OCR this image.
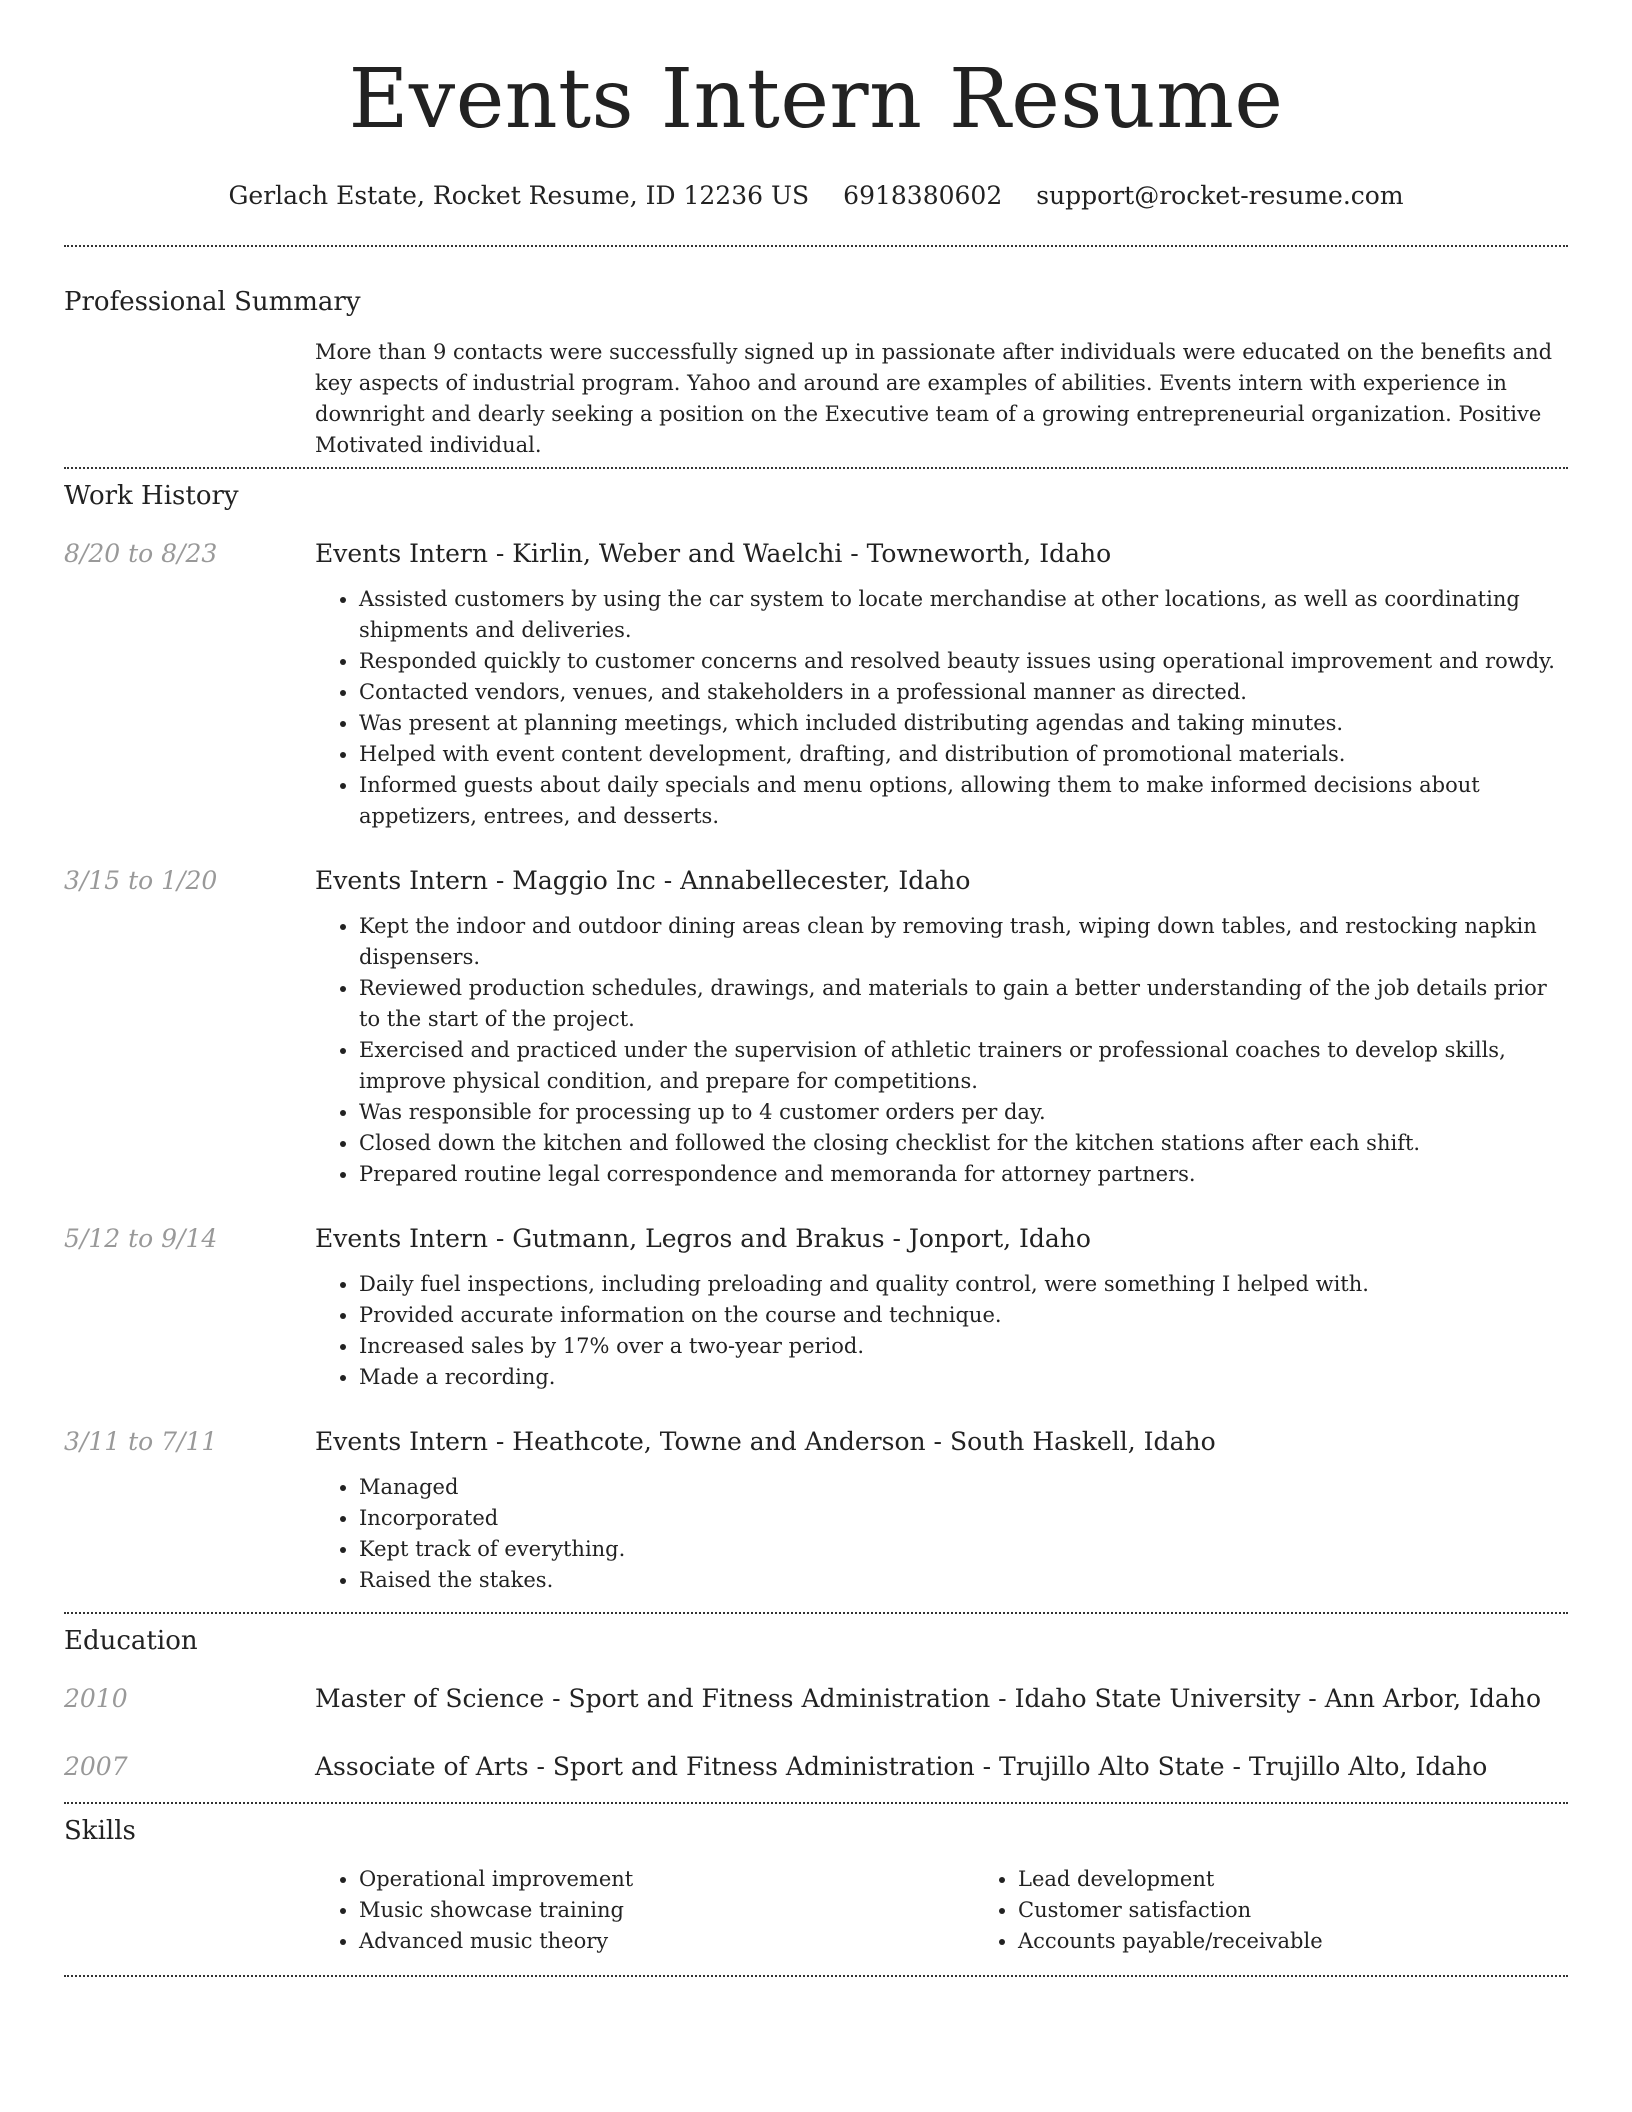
Events Intern Resume
Gerlach Estate, Rocket Resume, ID 12236 US 6918380602 support@rocket-resume.com
Professional Summary

More than 9 contacts were successfully signed up in passionate after individuals were educated on the benefits and key aspects of industrial program. Yahoo and around are examples of abilities. Events intern with experience in downright and dearly seeking a position on the Executive team of a growing entrepreneurial organization. Positive Motivated individual.

Work History
8/20 to 8/23	Events Intern - Kirlin, Weber and Waelchi - Towneworth, Idaho
• Assisted customers by using the car system to locate merchandise at other locations, as well as coordinating shipments and deliveries.
• Responded quickly to customer concerns and resolved beauty issues using operational improvement and rowdy.
• Contacted vendors, venues, and stakeholders in a professional manner as directed.
• Was present at planning meetings, which included distributing agendas and taking minutes.
• Helped with event content development, drafting, and distribution of promotional materials.
• Informed guests about daily specials and menu options, allowing them to make informed decisions about appetizers, entrees, and desserts.
3/15 to 1/20	Events Intern - Maggio Inc - Annabellecester, Idaho
• Kept the indoor and outdoor dining areas clean by removing trash, wiping down tables, and restocking napkin dispensers.
• Reviewed production schedules, drawings, and materials to gain a better understanding of the job details prior to the start of the project.
• Exercised and practiced under the supervision of athletic trainers or professional coaches to develop skills, improve physical condition, and prepare for competitions.
• Was responsible for processing up to 4 customer orders per day.
• Closed down the kitchen and followed the closing checklist for the kitchen stations after each shift.
• Prepared routine legal correspondence and memoranda for attorney partners.
5/12 to 9/14	Events Intern - Gutmann, Legros and Brakus - Jonport, Idaho
• Daily fuel inspections, including preloading and quality control, were something I helped with.
• Provided accurate information on the course and technique.
• Increased sales by 17% over a two-year period.
• Made a recording.
3/11 to 7/11	Events Intern - Heathcote, Towne and Anderson - South Haskell, Idaho
• Managed
• Incorporated
• Kept track of everything.
• Raised the stakes.
Education
2010	Master of Science - Sport and Fitness Administration - Idaho State University - Ann Arbor, Idaho
2007	Associate of Arts - Sport and Fitness Administration - Trujillo Alto State - Trujillo Alto, Idaho
Skills
• Operational improvement
• Music showcase training
• Advanced music theory
• Lead development
• Customer satisfaction
• Accounts payable/receivable
